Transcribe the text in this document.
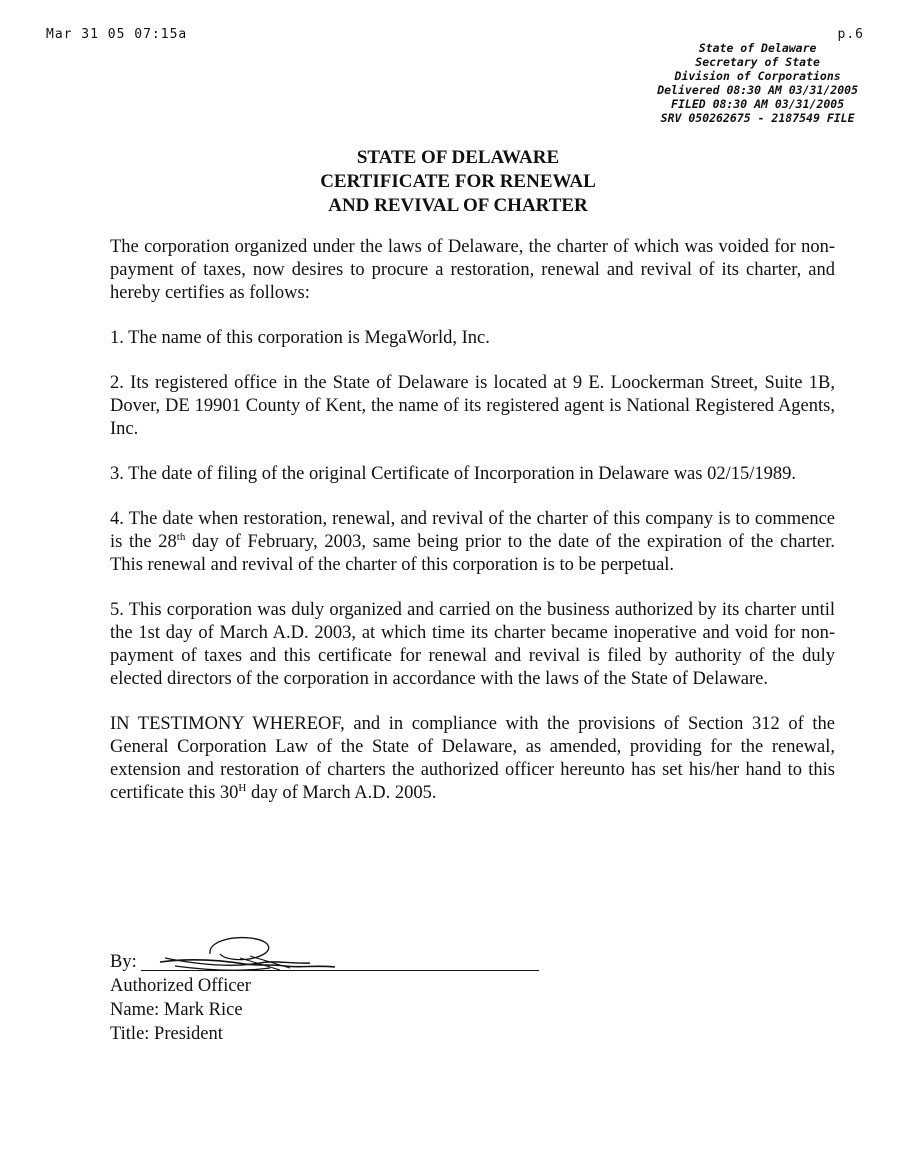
Mar 31 05 07:15a	p.6
State of Delaware
Secretary of State
Division of Corporations
Delivered 08:30 AM 03/31/2005
FILED 08:30 AM 03/31/2005
SRV 050262675 - 2187549 FILE
STATE OF DELAWARE
CERTIFICATE FOR RENEWAL
AND REVIVAL OF CHARTER

The corporation organized under the laws of Delaware, the charter of which was voided for non-payment of taxes, now desires to procure a restoration, renewal and revival of its charter, and hereby certifies as follows:

1. The name of this corporation is MegaWorld, Inc.

2. Its registered office in the State of Delaware is located at 9 E. Loockerman Street, Suite 1B, Dover, DE 19901 County of Kent, the name of its registered agent is National Registered Agents, Inc.

3. The date of filing of the original Certificate of Incorporation in Delaware was 02/15/1989.

4. The date when restoration, renewal, and revival of the charter of this company is to commence is the 28th day of February, 2003, same being prior to the date of the expiration of the charter. This renewal and revival of the charter of this corporation is to be perpetual.

5. This corporation was duly organized and carried on the business authorized by its charter until the 1st day of March A.D. 2003, at which time its charter became inoperative and void for non-payment of taxes and this certificate for renewal and revival is filed by authority of the duly elected directors of the corporation in accordance with the laws of the State of Delaware.

IN TESTIMONY WHEREOF, and in compliance with the provisions of Section 312 of the General Corporation Law of the State of Delaware, as amended, providing for the renewal, extension and restoration of charters the authorized officer hereunto has set his/her hand to this certificate this $30^H$ day of March A.D. 2005.

By:
Authorized Officer
Name: Mark Rice
Title: President
